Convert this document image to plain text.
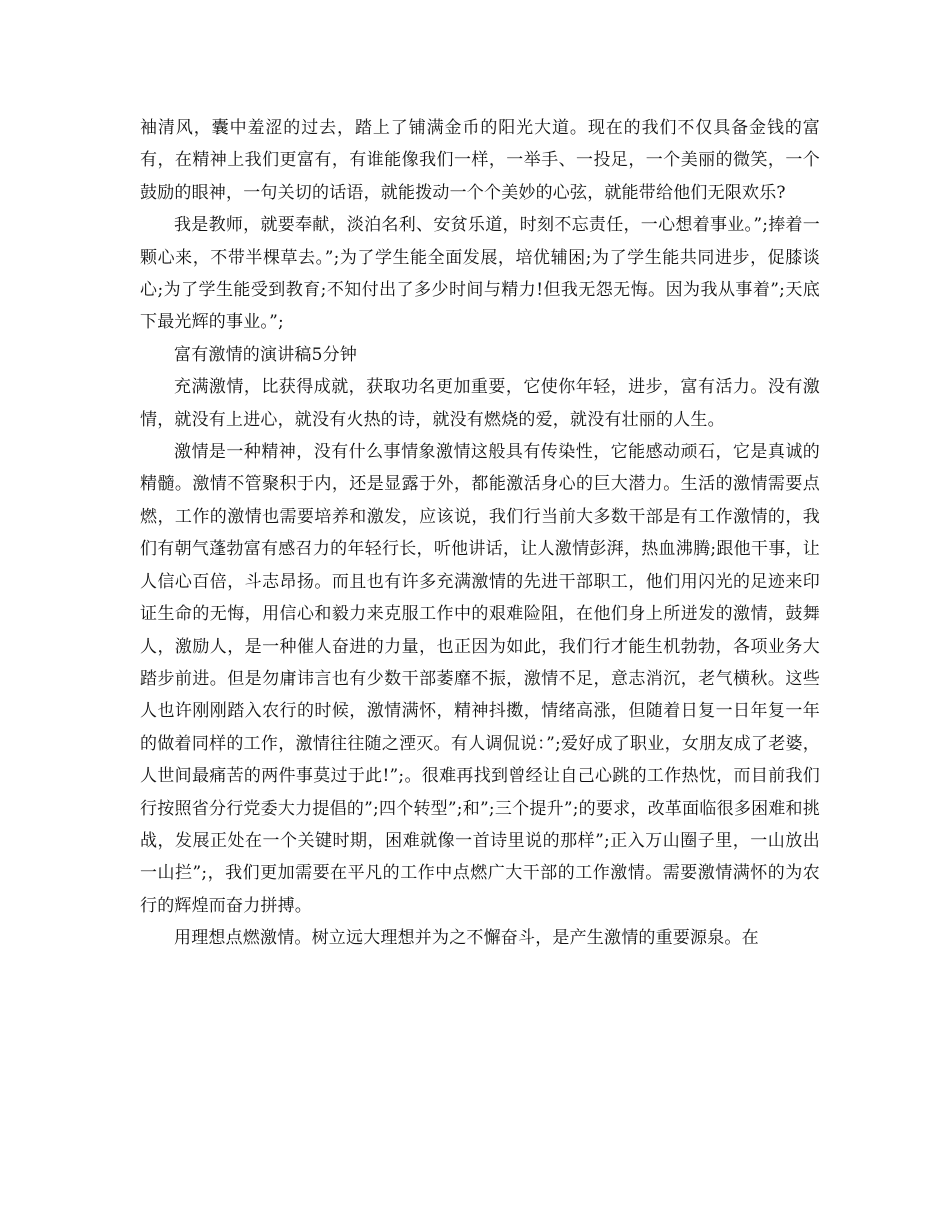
袖清风，囊中羞涩的过去，踏上了铺满金币的阳光大道。现在的我们不仅具备金钱的富有，在精神上我们更富有，有谁能像我们一样，一举手、一投足，一个美丽的微笑，一个鼓励的眼神，一句关切的话语，就能拨动一个个美妙的心弦，就能带给他们无限欢乐?

我是教师，就要奉献，淡泊名利、安贫乐道，时刻不忘责任，一心想着事业。”;捧着一颗心来，不带半棵草去。”;为了学生能全面发展，培优辅困;为了学生能共同进步，促膝谈心;为了学生能受到教育;不知付出了多少时间与精力!但我无怨无悔。因为我从事着”;天底下最光辉的事业。”;

富有激情的演讲稿5分钟

充满激情，比获得成就，获取功名更加重要，它使你年轻，进步，富有活力。没有激情，就没有上进心，就没有火热的诗，就没有燃烧的爱，就没有壮丽的人生。

激情是一种精神，没有什么事情象激情这般具有传染性，它能感动顽石，它是真诚的精髓。激情不管聚积于内，还是显露于外，都能激活身心的巨大潜力。生活的激情需要点燃，工作的激情也需要培养和激发，应该说，我们行当前大多数干部是有工作激情的，我们有朝气蓬勃富有感召力的年轻行长，听他讲话，让人激情彭湃，热血沸腾;跟他干事，让人信心百倍，斗志昂扬。而且也有许多充满激情的先进干部职工，他们用闪光的足迹来印证生命的无悔，用信心和毅力来克服工作中的艰难险阻，在他们身上所迸发的激情，鼓舞人，激励人，是一种催人奋进的力量，也正因为如此，我们行才能生机勃勃，各项业务大踏步前进。但是勿庸讳言也有少数干部萎靡不振，激情不足，意志消沉，老气横秋。这些人也许刚刚踏入农行的时候，激情满怀，精神抖擞，情绪高涨，但随着日复一日年复一年的做着同样的工作，激情往往随之湮灭。有人调侃说：”;爱好成了职业，女朋友成了老婆，人世间最痛苦的两件事莫过于此!”;。很难再找到曾经让自己心跳的工作热忱，而目前我们行按照省分行党委大力提倡的”;四个转型”;和”;三个提升”;的要求，改革面临很多困难和挑战，发展正处在一个关键时期，困难就像一首诗里说的那样”;正入万山圈子里，一山放出一山拦”;，我们更加需要在平凡的工作中点燃广大干部的工作激情。需要激情满怀的为农行的辉煌而奋力拼搏。

用理想点燃激情。树立远大理想并为之不懈奋斗，是产生激情的重要源泉。在
